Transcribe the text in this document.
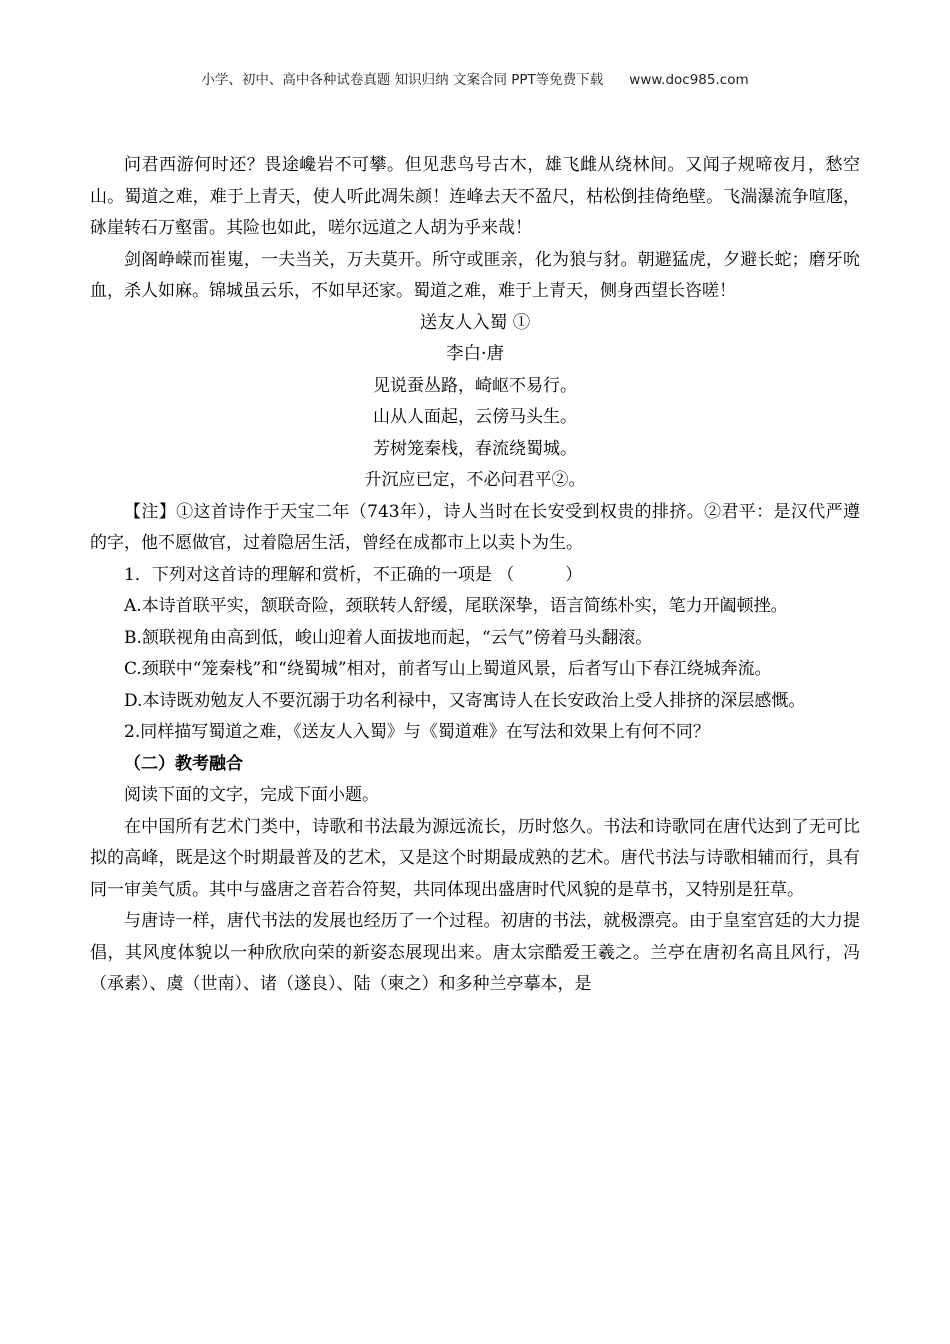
小学、初中、高中各种试卷真题 知识归纳 文案合同 PPT等免费下载 www.doc985.com

问君西游何时还？畏途巉岩不可攀。但见悲鸟号古木，雄飞雌从绕林间。又闻子规啼夜月，愁空山。蜀道之难，难于上青天，使人听此凋朱颜！连峰去天不盈尺，枯松倒挂倚绝壁。飞湍瀑流争喧豗，砯崖转石万壑雷。其险也如此，嗟尔远道之人胡为乎来哉！

剑阁峥嵘而崔嵬，一夫当关，万夫莫开。所守或匪亲，化为狼与豺。朝避猛虎，夕避长蛇；磨牙吮血，杀人如麻。锦城虽云乐，不如早还家。蜀道之难，难于上青天，侧身西望长咨嗟！

送友人入蜀 ①
李白·唐
见说蚕丛路，崎岖不易行。
山从人面起，云傍马头生。
芳树笼秦栈，春流绕蜀城。
升沉应已定，不必问君平②。

【注】①这首诗作于天宝二年（743年），诗人当时在长安受到权贵的排挤。②君平：是汉代严遵的字，他不愿做官，过着隐居生活，曾经在成都市上以卖卜为生。

1．下列对这首诗的理解和赏析，不正确的一项是 （　　　）

A.本诗首联平实，颔联奇险，颈联转人舒缓，尾联深挚，语言简练朴实，笔力开阖顿挫。

B.颔联视角由高到低，峻山迎着人面拔地而起，“云气”傍着马头翻滚。

C.颈联中“笼秦栈”和“绕蜀城”相对，前者写山上蜀道风景，后者写山下春江绕城奔流。

D.本诗既劝勉友人不要沉溺于功名利禄中，又寄寓诗人在长安政治上受人排挤的深层感慨。

2.同样描写蜀道之难，《送友人入蜀》与《蜀道难》在写法和效果上有何不同？

（二）教考融合

阅读下面的文字，完成下面小题。

在中国所有艺术门类中，诗歌和书法最为源远流长，历时悠久。书法和诗歌同在唐代达到了无可比拟的高峰，既是这个时期最普及的艺术，又是这个时期最成熟的艺术。唐代书法与诗歌相辅而行，具有同一审美气质。其中与盛唐之音若合符契，共同体现出盛唐时代风貌的是草书，又特别是狂草。

与唐诗一样，唐代书法的发展也经历了一个过程。初唐的书法，就极漂亮。由于皇室宫廷的大力提倡，其风度体貌以一种欣欣向荣的新姿态展现出来。唐太宗酷爱王羲之。兰亭在唐初名高且风行，冯（承素）、虞（世南）、诸（遂良）、陆（柬之）和多种兰亭摹本，是
